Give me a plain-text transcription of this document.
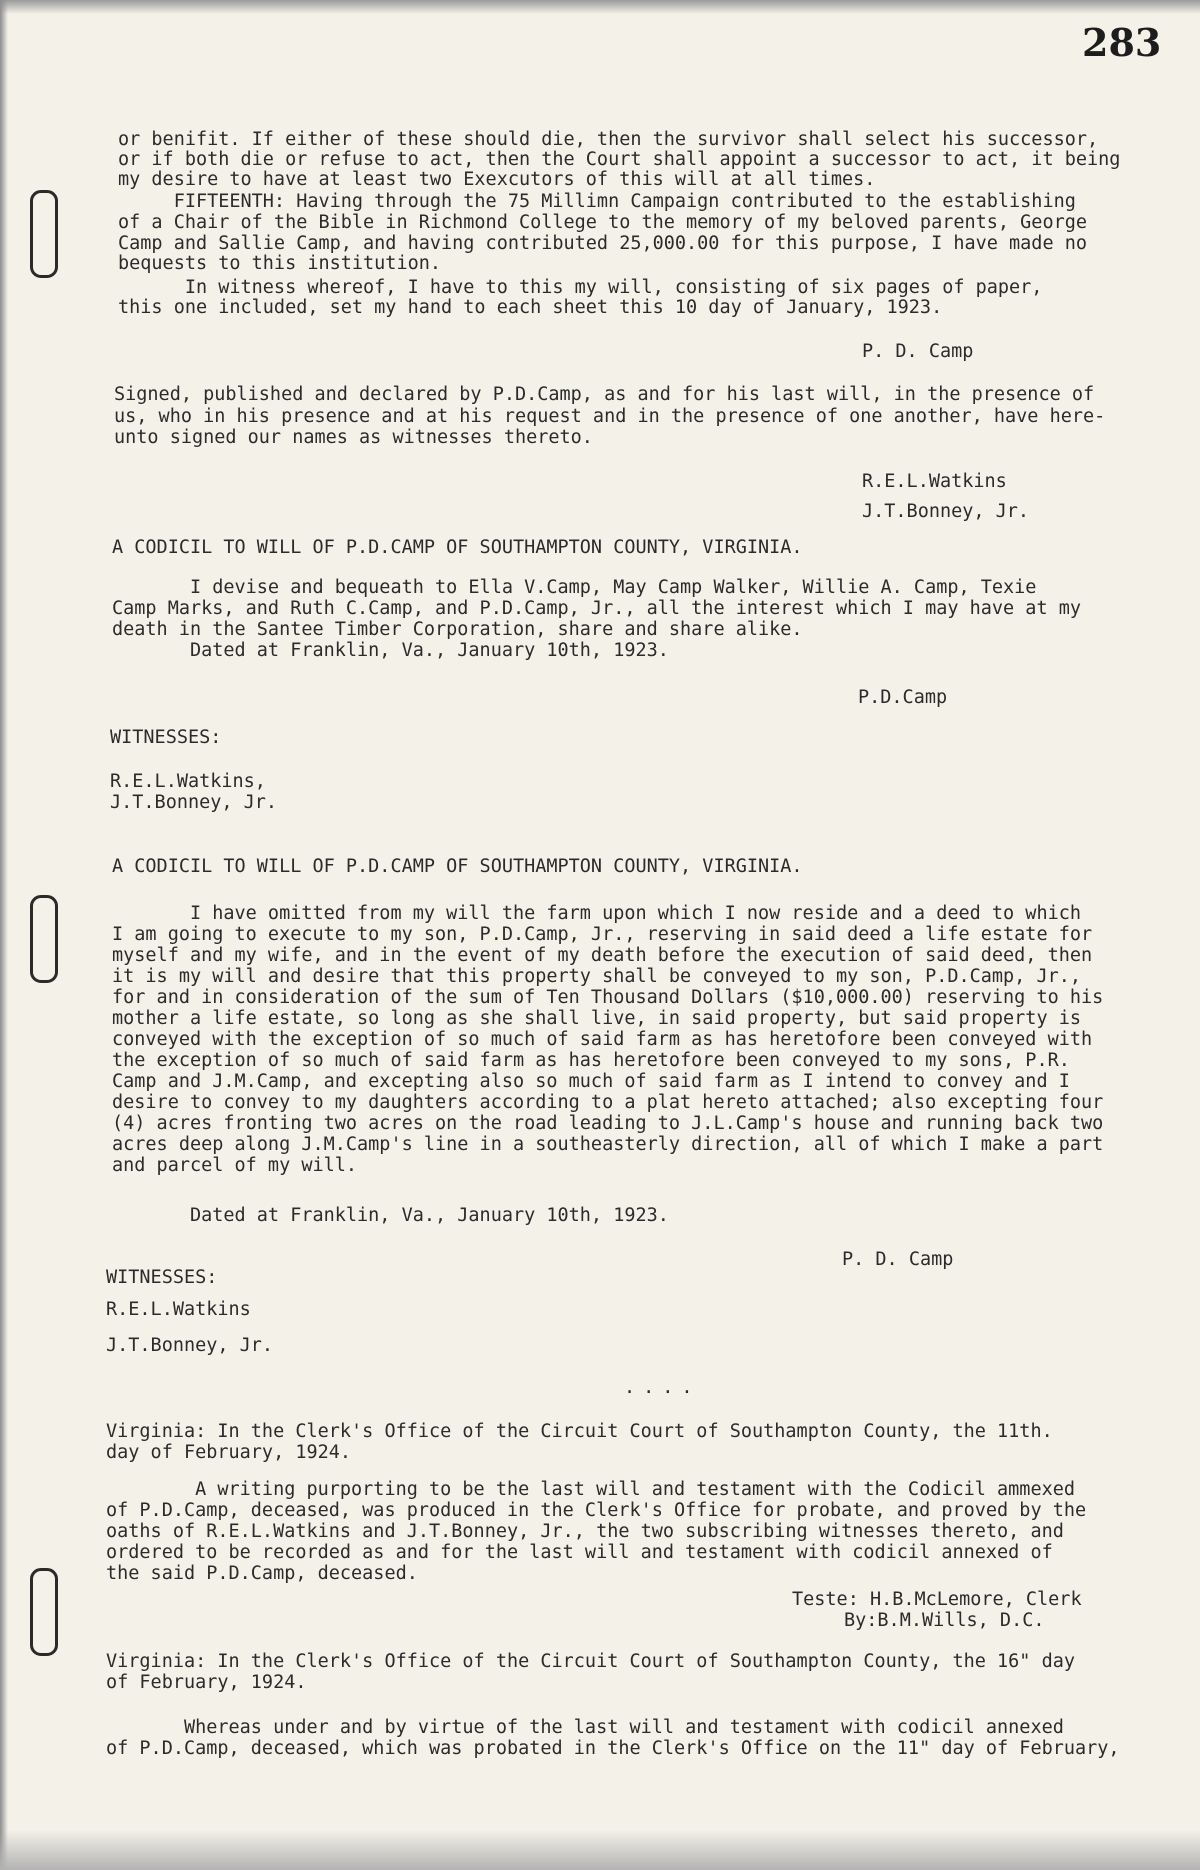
283
or benifit. If either of these should die, then the survivor shall select his successor,
or if both die or refuse to act, then the Court shall appoint a successor to act, it being
my desire to have at least two Exexcutors of this will at all times.
FIFTEENTH: Having through the 75 Millimn Campaign contributed to the establishing
of a Chair of the Bible in Richmond College to the memory of my beloved parents, George
Camp and Sallie Camp, and having contributed 25,000.00 for this purpose, I have made no
bequests to this institution.
In witness whereof, I have to this my will, consisting of six pages of paper,
this one included, set my hand to each sheet this 10 day of January, 1923.
P. D. Camp
Signed, published and declared by P.D.Camp, as and for his last will, in the presence of
us, who in his presence and at his request and in the presence of one another, have here-
unto signed our names as witnesses thereto.
R.E.L.Watkins
J.T.Bonney, Jr.
A CODICIL TO WILL OF P.D.CAMP OF SOUTHAMPTON COUNTY, VIRGINIA.
I devise and bequeath to Ella V.Camp, May Camp Walker, Willie A. Camp, Texie
Camp Marks, and Ruth C.Camp, and P.D.Camp, Jr., all the interest which I may have at my
death in the Santee Timber Corporation, share and share alike.
Dated at Franklin, Va., January 10th, 1923.
P.D.Camp
WITNESSES:
R.E.L.Watkins,
J.T.Bonney, Jr.
A CODICIL TO WILL OF P.D.CAMP OF SOUTHAMPTON COUNTY, VIRGINIA.
I have omitted from my will the farm upon which I now reside and a deed to which
I am going to execute to my son, P.D.Camp, Jr., reserving in said deed a life estate for
myself and my wife, and in the event of my death before the execution of said deed, then
it is my will and desire that this property shall be conveyed to my son, P.D.Camp, Jr.,
for and in consideration of the sum of Ten Thousand Dollars ($10,000.00) reserving to his
mother a life estate, so long as she shall live, in said property, but said property is
conveyed with the exception of so much of said farm as has heretofore been conveyed with
the exception of so much of said farm as has heretofore been conveyed to my sons, P.R.
Camp and J.M.Camp, and excepting also so much of said farm as I intend to convey and I
desire to convey to my daughters according to a plat hereto attached; also excepting four
(4) acres fronting two acres on the road leading to J.L.Camp's house and running back two
acres deep along J.M.Camp's line in a southeasterly direction, all of which I make a part
and parcel of my will.
Dated at Franklin, Va., January 10th, 1923.
P. D. Camp
WITNESSES:
R.E.L.Watkins
J.T.Bonney, Jr.
....
Virginia: In the Clerk's Office of the Circuit Court of Southampton County, the 11th.
day of February, 1924.
A writing purporting to be the last will and testament with the Codicil ammexed
of P.D.Camp, deceased, was produced in the Clerk's Office for probate, and proved by the
oaths of R.E.L.Watkins and J.T.Bonney, Jr., the two subscribing witnesses thereto, and
ordered to be recorded as and for the last will and testament with codicil annexed of
the said P.D.Camp, deceased.
Teste: H.B.McLemore, Clerk
By:B.M.Wills, D.C.
Virginia: In the Clerk's Office of the Circuit Court of Southampton County, the 16" day
of February, 1924.
Whereas under and by virtue of the last will and testament with codicil annexed
of P.D.Camp, deceased, which was probated in the Clerk's Office on the 11" day of February,
